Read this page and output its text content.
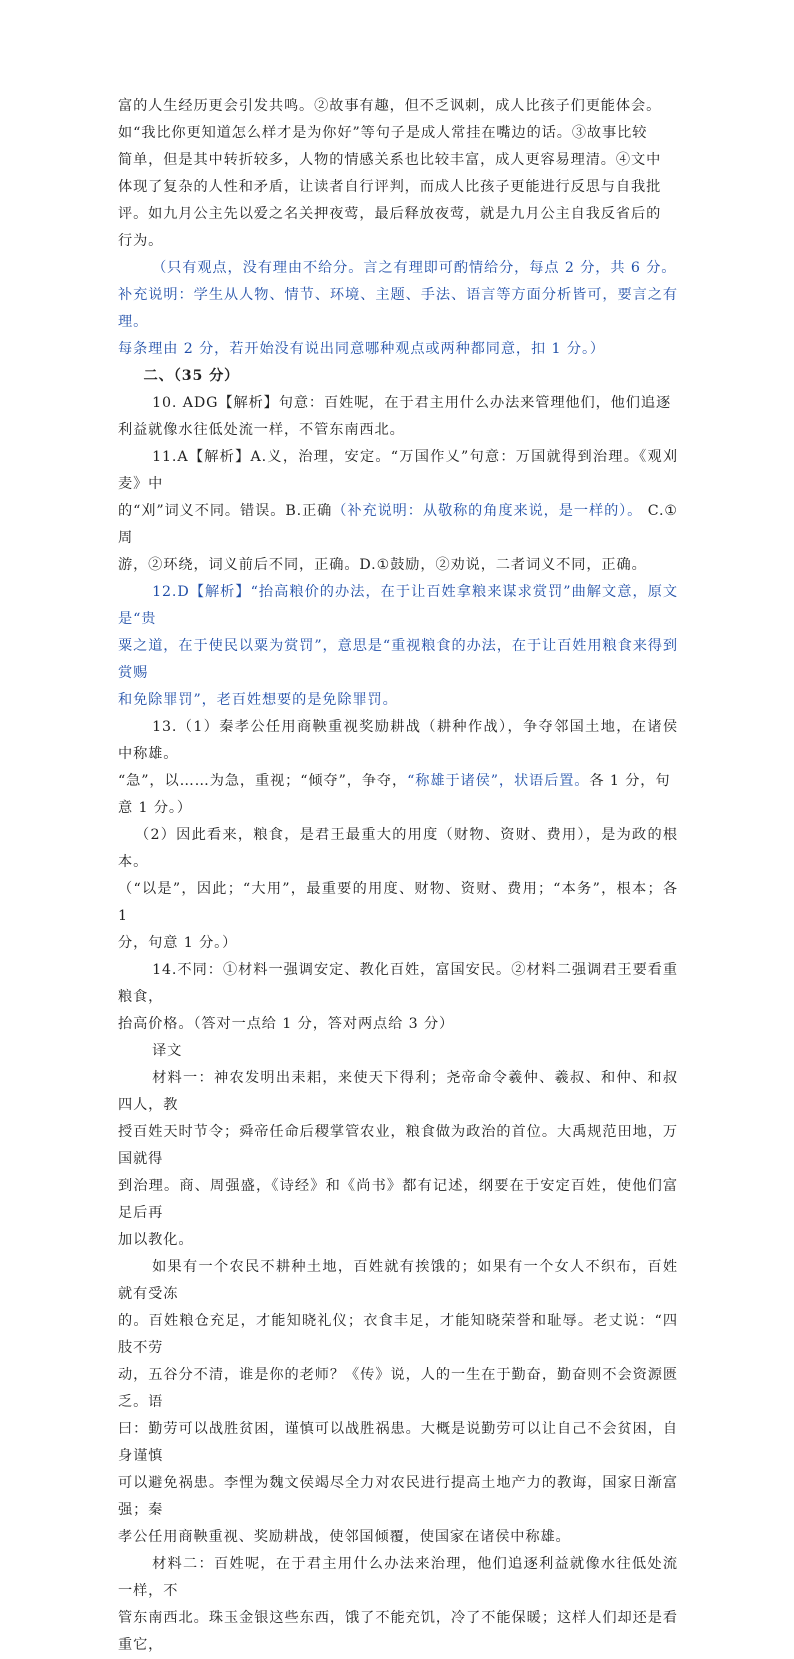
富的人生经历更会引发共鸣。②故事有趣，但不乏讽刺，成人比孩子们更能体会。

如“我比你更知道怎么样才是为你好”等句子是成人常挂在嘴边的话。③故事比较

简单，但是其中转折较多，人物的情感关系也比较丰富，成人更容易理清。④文中

体现了复杂的人性和矛盾，让读者自行评判，而成人比孩子更能进行反思与自我批

评。如九月公主先以爱之名关押夜莺，最后释放夜莺，就是九月公主自我反省后的

行为。

（只有观点，没有理由不给分。言之有理即可酌情给分，每点 2 分，共 6 分。

补充说明：学生从人物、情节、环境、主题、手法、语言等方面分析皆可，要言之有理。

每条理由 2 分，若开始没有说出同意哪种观点或两种都同意，扣 1 分。）

二、（35 分）

10. ADG【解析】句意：百姓呢，在于君主用什么办法来管理他们，他们追逐

利益就像水往低处流一样，不管东南西北。

11.A【解析】A.义，治理，安定。“万国作乂”句意：万国就得到治理。《观刈麦》中

的“刈”词义不同。错误。B.正确（补充说明：从敬称的角度来说，是一样的）。 C.①周

游，②环绕，词义前后不同，正确。D.①鼓励，②劝说，二者词义不同，正确。

12.D【解析】“抬高粮价的办法，在于让百姓拿粮来谋求赏罚”曲解文意，原文是“贵

粟之道，在于使民以粟为赏罚”，意思是“重视粮食的办法，在于让百姓用粮食来得到赏赐

和免除罪罚”，老百姓想要的是免除罪罚。

13.（1）秦孝公任用商鞅重视奖励耕战（耕种作战），争夺邻国土地，在诸侯中称雄。

“急”，以……为急，重视；“倾夺”，争夺，“称雄于诸侯”，状语后置。各 1 分，句

意 1 分。）

（2）因此看来，粮食，是君王最重大的用度（财物、资财、费用），是为政的根本。

（“以是”，因此；“大用”，最重要的用度、财物、资财、费用；“本务”，根本；各 1

分，句意 1 分。）

14.不同：①材料一强调安定、教化百姓，富国安民。②材料二强调君王要看重粮食，

抬高价格。（答对一点给 1 分，答对两点给 3 分）

译文

材料一：神农发明出耒耜，来使天下得利；尧帝命令羲仲、羲叔、和仲、和叔四人，教

授百姓天时节令；舜帝任命后稷掌管农业，粮食做为政治的首位。大禹规范田地，万国就得

到治理。商、周强盛，《诗经》和《尚书》都有记述，纲要在于安定百姓，使他们富足后再

加以教化。

如果有一个农民不耕种土地，百姓就有挨饿的；如果有一个女人不织布，百姓就有受冻

的。百姓粮仓充足，才能知晓礼仪；衣食丰足，才能知晓荣誉和耻辱。老丈说：“四肢不劳

动，五谷分不清，谁是你的老师？《传》说，人的一生在于勤奋，勤奋则不会资源匮乏。语

曰：勤劳可以战胜贫困，谨慎可以战胜祸患。大概是说勤劳可以让自己不会贫困，自身谨慎

可以避免祸患。李悝为魏文侯竭尽全力对农民进行提高土地产力的教诲，国家日渐富强；秦

孝公任用商鞅重视、奖励耕战，使邻国倾覆，使国家在诸侯中称雄。

材料二：百姓呢，在于君主用什么办法来治理，他们追逐利益就像水往低处流一样，不

管东南西北。珠玉金银这些东西，饿了不能充饥，冷了不能保暖；这样人们却还是看重它，
